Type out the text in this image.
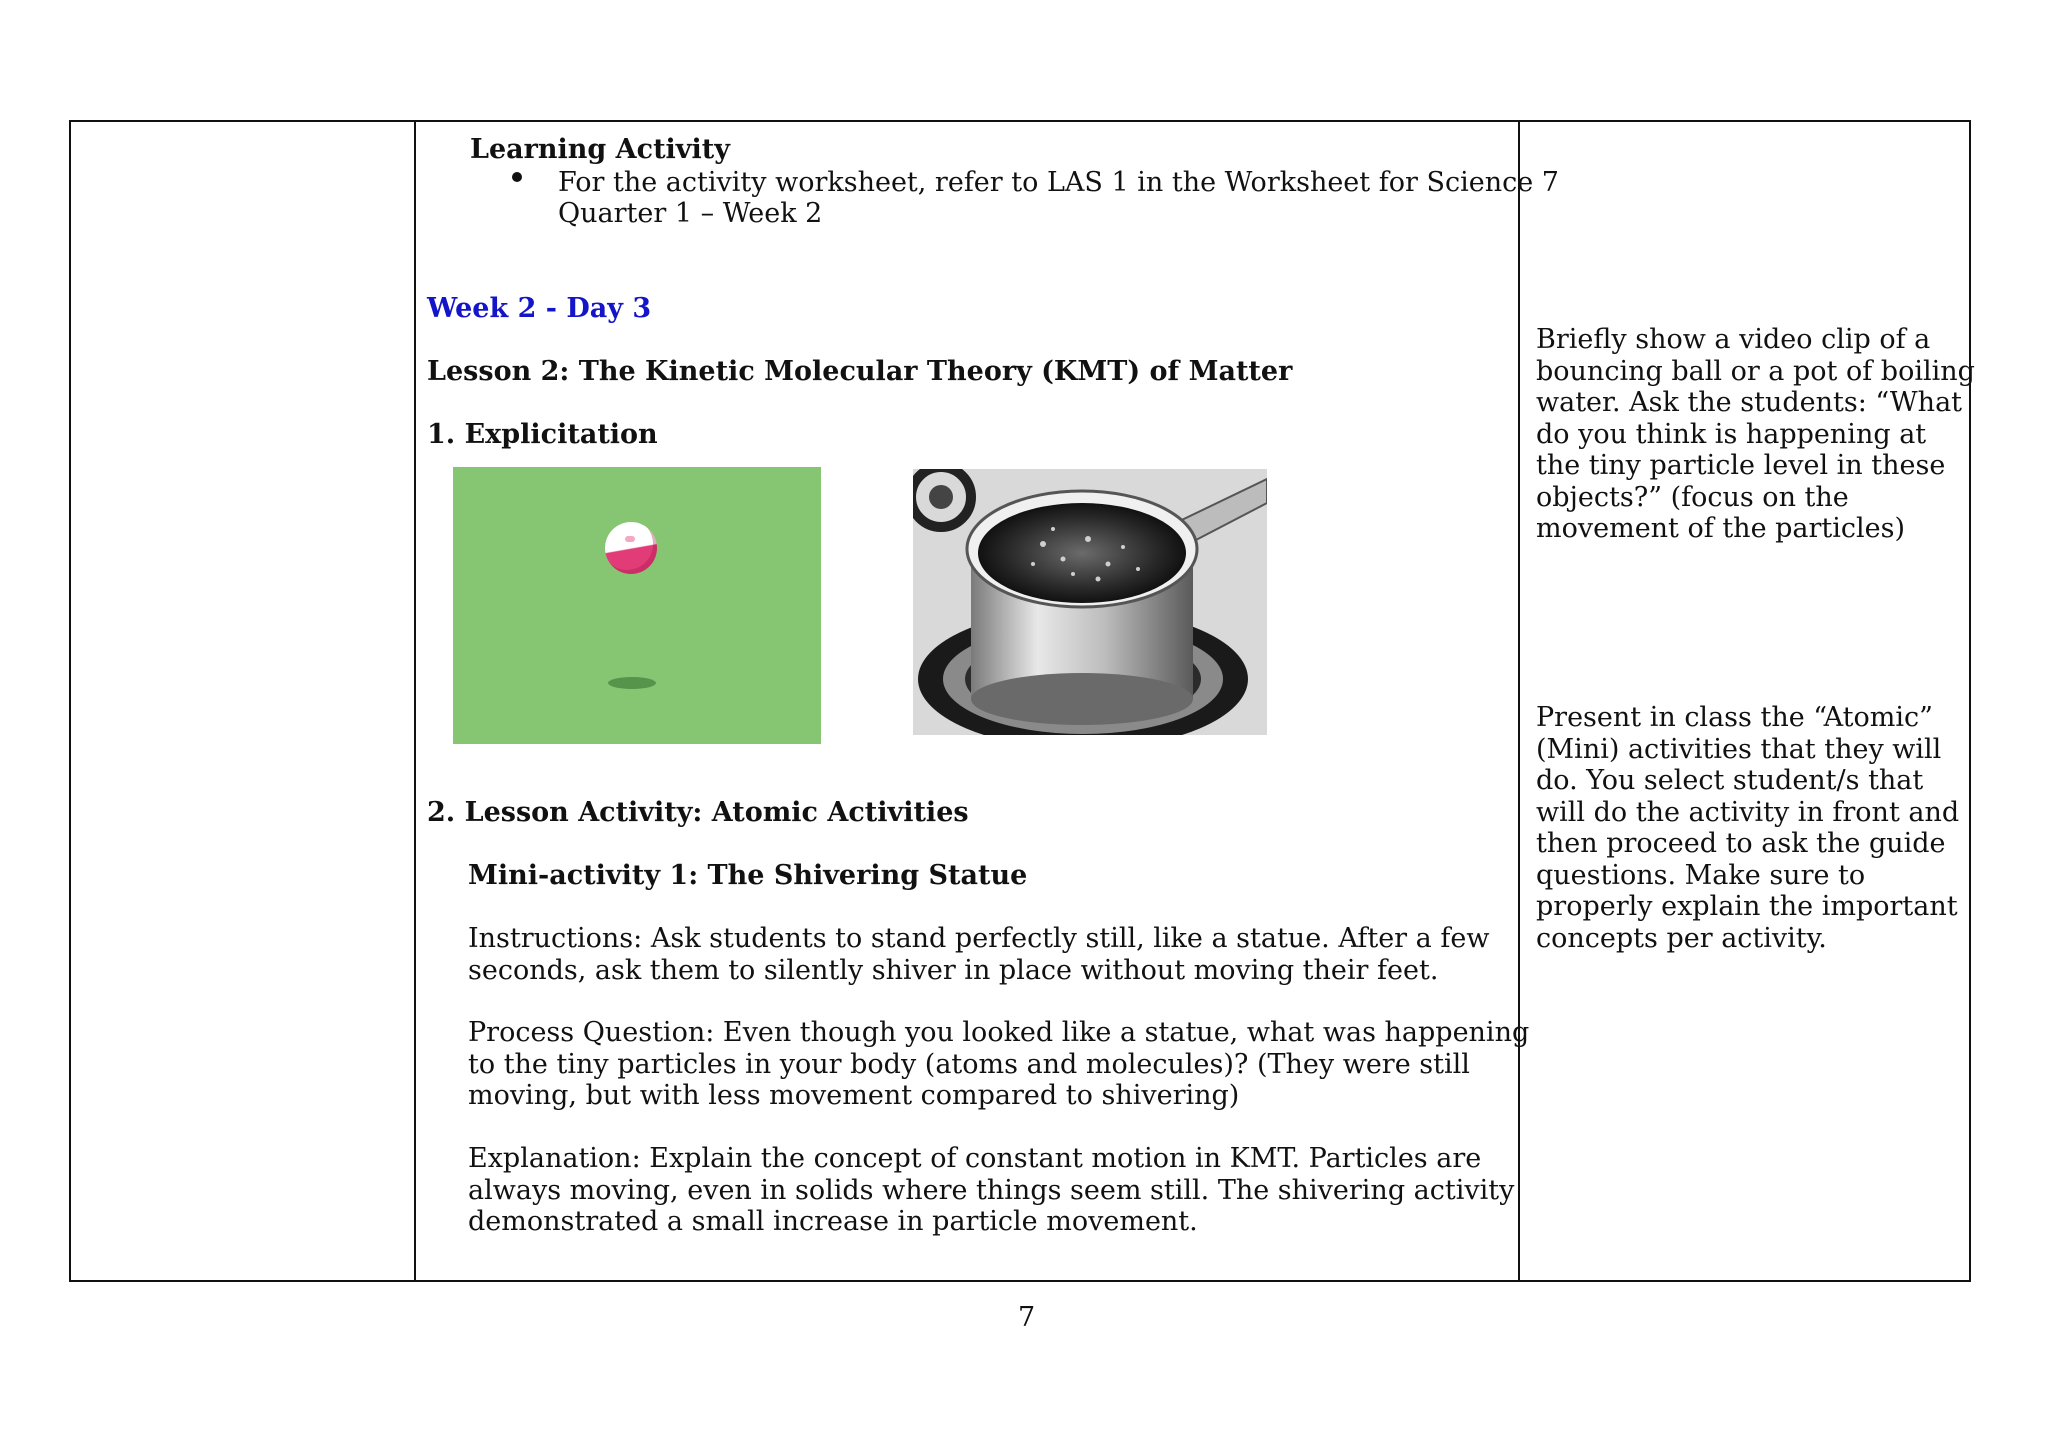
Learning Activity
For the activity worksheet, refer to LAS 1 in the Worksheet for Science 7
Quarter 1 – Week 2
Week 2 - Day 3
Lesson 2: The Kinetic Molecular Theory (KMT) of Matter
1. Explicitation
2. Lesson Activity: Atomic Activities
Mini-activity 1: The Shivering Statue
Instructions: Ask students to stand perfectly still, like a statue. After a few
seconds, ask them to silently shiver in place without moving their feet.
Process Question: Even though you looked like a statue, what was happening
to the tiny particles in your body (atoms and molecules)? (They were still
moving, but with less movement compared to shivering)
Explanation: Explain the concept of constant motion in KMT. Particles are
always moving, even in solids where things seem still. The shivering activity
demonstrated a small increase in particle movement.
Briefly show a video clip of a
bouncing ball or a pot of boiling
water. Ask the students: “What
do you think is happening at
the tiny particle level in these
objects?” (focus on the
movement of the particles)
Present in class the “Atomic”
(Mini) activities that they will
do. You select student/s that
will do the activity in front and
then proceed to ask the guide
questions. Make sure to
properly explain the important
concepts per activity.
7
